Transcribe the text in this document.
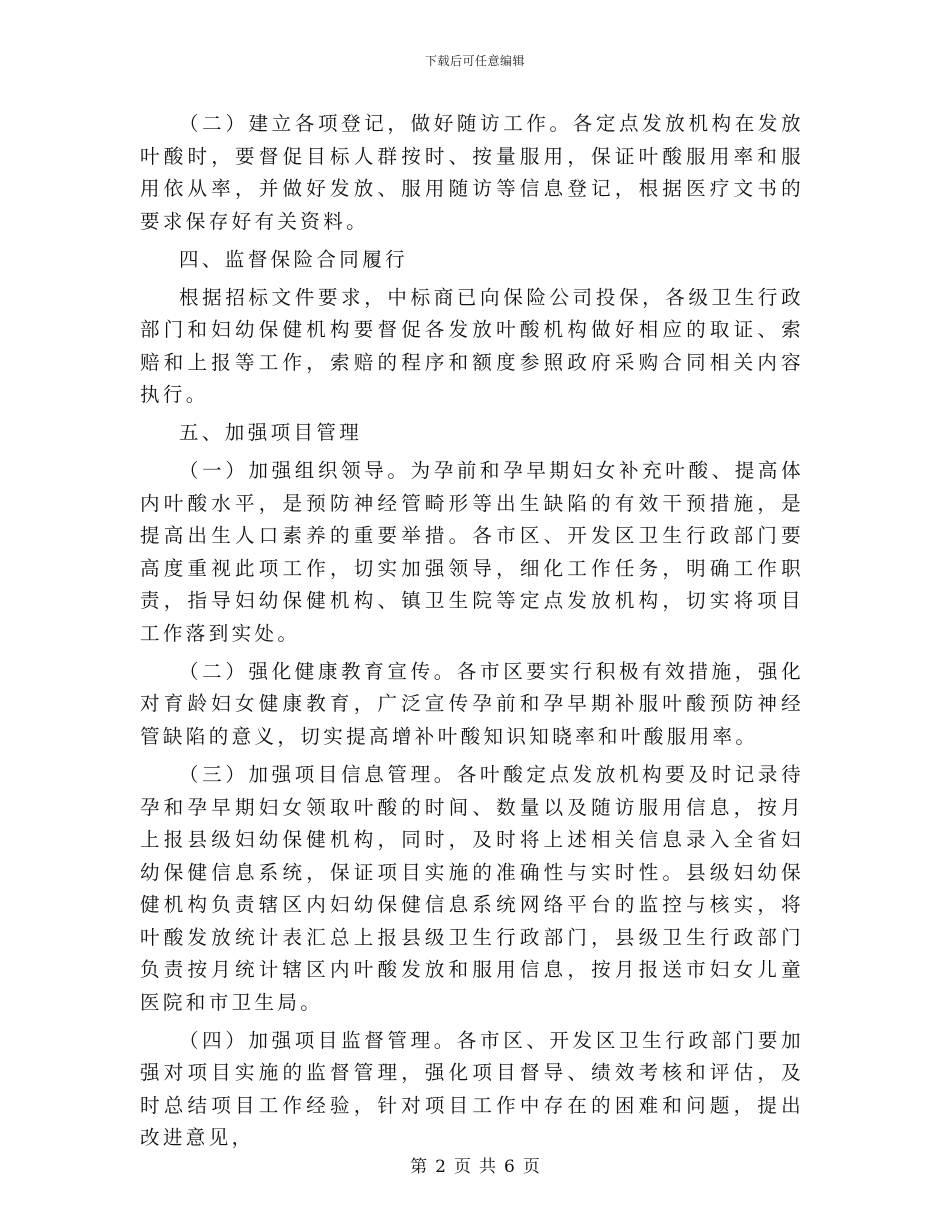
下载后可任意编辑

（二）建立各项登记，做好随访工作。各定点发放机构在发放叶酸时，要督促目标人群按时、按量服用，保证叶酸服用率和服用依从率，并做好发放、服用随访等信息登记，根据医疗文书的要求保存好有关资料。

四、监督保险合同履行

根据招标文件要求，中标商已向保险公司投保，各级卫生行政部门和妇幼保健机构要督促各发放叶酸机构做好相应的取证、索赔和上报等工作，索赔的程序和额度参照政府采购合同相关内容执行。

五、加强项目管理

（一）加强组织领导。为孕前和孕早期妇女补充叶酸、提高体内叶酸水平，是预防神经管畸形等出生缺陷的有效干预措施，是提高出生人口素养的重要举措。各市区、开发区卫生行政部门要高度重视此项工作，切实加强领导，细化工作任务，明确工作职责，指导妇幼保健机构、镇卫生院等定点发放机构，切实将项目工作落到实处。

（二）强化健康教育宣传。各市区要实行积极有效措施，强化对育龄妇女健康教育，广泛宣传孕前和孕早期补服叶酸预防神经管缺陷的意义，切实提高增补叶酸知识知晓率和叶酸服用率。

（三）加强项目信息管理。各叶酸定点发放机构要及时记录待孕和孕早期妇女领取叶酸的时间、数量以及随访服用信息，按月上报县级妇幼保健机构，同时，及时将上述相关信息录入全省妇幼保健信息系统，保证项目实施的准确性与实时性。县级妇幼保健机构负责辖区内妇幼保健信息系统网络平台的监控与核实，将叶酸发放统计表汇总上报县级卫生行政部门，县级卫生行政部门负责按月统计辖区内叶酸发放和服用信息，按月报送市妇女儿童医院和市卫生局。

（四）加强项目监督管理。各市区、开发区卫生行政部门要加强对项目实施的监督管理，强化项目督导、绩效考核和评估，及时总结项目工作经验，针对项目工作中存在的困难和问题，提出改进意见，

第 2 页 共 6 页
